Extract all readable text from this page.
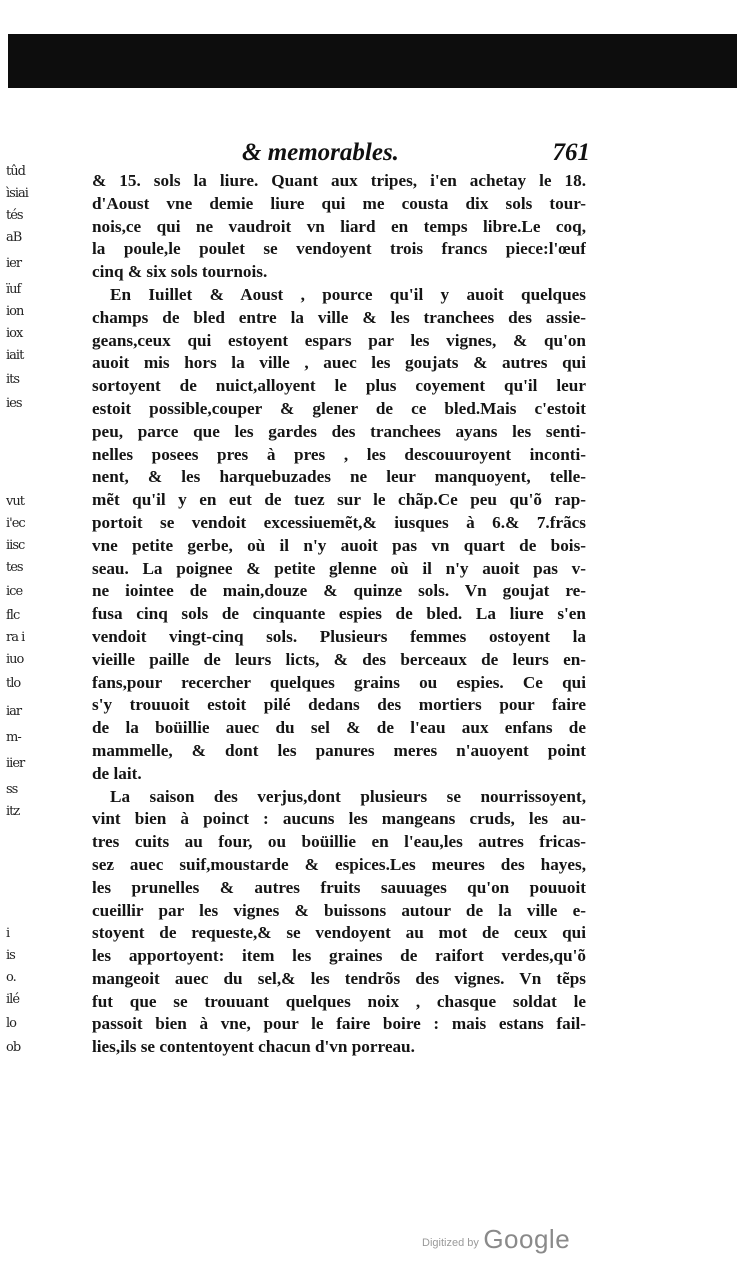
tûd
ìsiai
tés
aB
ier
ïuf
ion
iox
iait
its
ies
vut
i'ec
iisc
tes
ice
flc
ra i
iuo
tlo
iar
m-
iier
ss
itz
i
is
o.
ilé
lo
ob
& memorables.	761
& 15. sols la liure. Quant aux tripes, i'en achetay le 18.
d'Aoust vne demie liure qui me cousta dix sols tour-
nois,ce qui ne vaudroit vn liard en temps libre.Le coq,
la poule,le poulet se vendoyent trois francs piece:l'œuf
cinq & six sols tournois.
En Iuillet & Aoust , pource qu'il y auoit quelques
champs de bled entre la ville & les tranchees des assie-
geans,ceux qui estoyent espars par les vignes, & qu'on
auoit mis hors la ville , auec les goujats & autres qui
sortoyent de nuict,alloyent le plus coyement qu'il leur
estoit possible,couper & glener de ce bled.Mais c'estoit
peu, parce que les gardes des tranchees ayans les senti-
nelles posees pres à pres , les descouuroyent inconti-
nent, & les harquebuzades ne leur manquoyent, telle-
mẽt qu'il y en eut de tuez sur le chãp.Ce peu qu'õ rap-
portoit se vendoit excessiuemẽt,& iusques à 6.& 7.frãcs
vne petite gerbe, où il n'y auoit pas vn quart de bois-
seau. La poignee & petite glenne où il n'y auoit pas v-
ne iointee de main,douze & quinze sols. Vn goujat re-
fusa cinq sols de cinquante espies de bled. La liure s'en
vendoit vingt-cinq sols. Plusieurs femmes ostoyent la
vieille paille de leurs licts, & des berceaux de leurs en-
fans,pour recercher quelques grains ou espies. Ce qui
s'y trouuoit estoit pilé dedans des mortiers pour faire
de la boüillie auec du sel & de l'eau aux enfans de
mammelle, & dont les panures meres n'auoyent point
de lait.
La saison des verjus,dont plusieurs se nourrissoyent,
vint bien à poinct : aucuns les mangeans cruds, les au-
tres cuits au four, ou boüillie en l'eau,les autres fricas-
sez auec suif,moustarde & espices.Les meures des hayes,
les prunelles & autres fruits sauuages qu'on pouuoit
cueillir par les vignes & buissons autour de la ville e-
stoyent de requeste,& se vendoyent au mot de ceux qui
les apportoyent: item les graines de raifort verdes,qu'õ
mangeoit auec du sel,& les tendrõs des vignes. Vn tẽps
fut que se trouuant quelques noix , chasque soldat le
passoit bien à vne, pour le faire boire : mais estans fail-
lies,ils se contentoyent chacun d'vn porreau.
Digitized by Google
